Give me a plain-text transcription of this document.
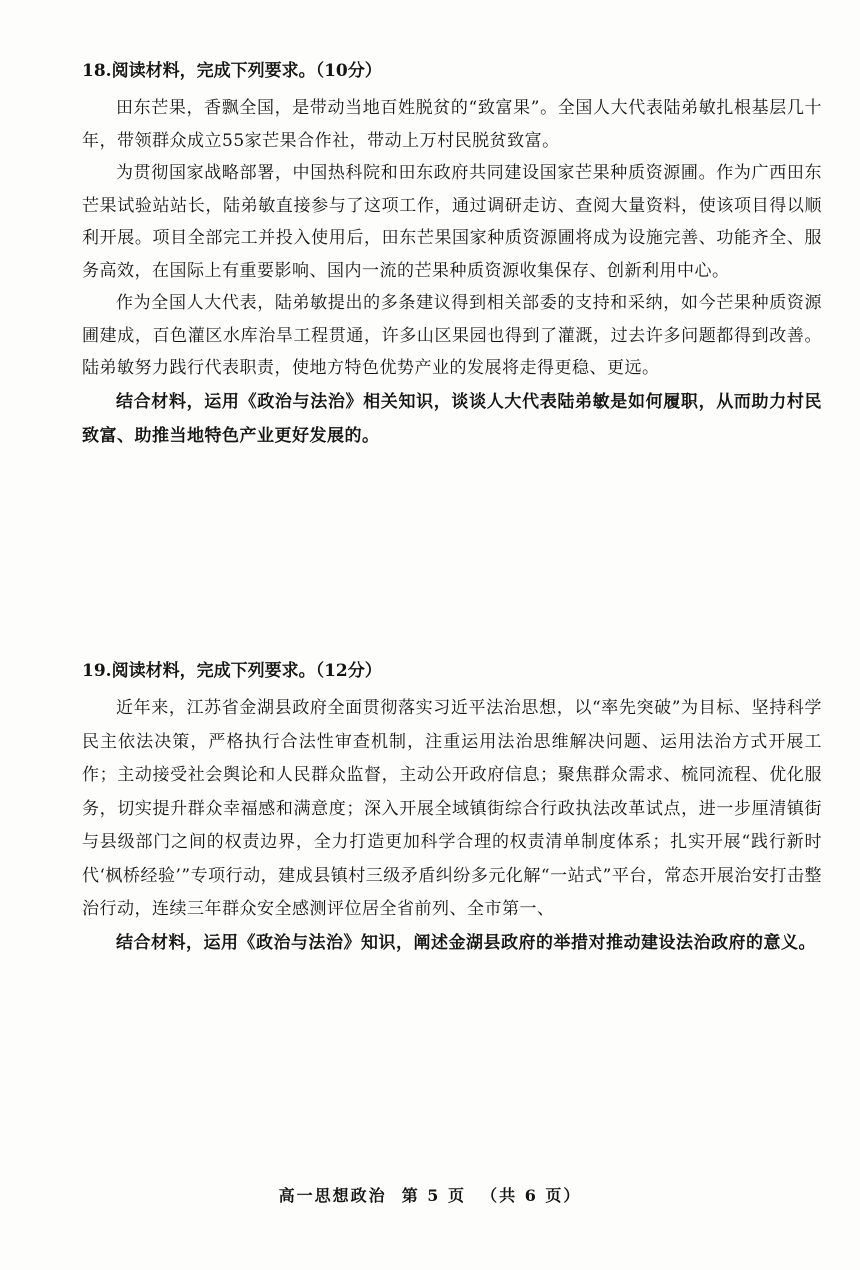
18.阅读材料，完成下列要求。（10分）

田东芒果，香飘全国，是带动当地百姓脱贫的“致富果”。全国人大代表陆弟敏扎根基层几十年，带领群众成立55家芒果合作社，带动上万村民脱贫致富。

为贯彻国家战略部署，中国热科院和田东政府共同建设国家芒果种质资源圃。作为广西田东芒果试验站站长，陆弟敏直接参与了这项工作，通过调研走访、查阅大量资料，使该项目得以顺利开展。项目全部完工并投入使用后，田东芒果国家种质资源圃将成为设施完善、功能齐全、服务高效，在国际上有重要影响、国内一流的芒果种质资源收集保存、创新利用中心。

作为全国人大代表，陆弟敏提出的多条建议得到相关部委的支持和采纳，如今芒果种质资源圃建成，百色灌区水库治旱工程贯通，许多山区果园也得到了灌溉，过去许多问题都得到改善。陆弟敏努力践行代表职责，使地方特色优势产业的发展将走得更稳、更远。

结合材料，运用《政治与法治》相关知识，谈谈人大代表陆弟敏是如何履职，从而助力村民致富、助推当地特色产业更好发展的。

19.阅读材料，完成下列要求。（12分）

近年来，江苏省金湖县政府全面贯彻落实习近平法治思想，以“率先突破”为目标、坚持科学民主依法决策，严格执行合法性审查机制，注重运用法治思维解决问题、运用法治方式开展工作；主动接受社会舆论和人民群众监督，主动公开政府信息；聚焦群众需求、梳同流程、优化服务，切实提升群众幸福感和满意度；深入开展全域镇街综合行政执法改革试点，进一步厘清镇街与县级部门之间的权责边界，全力打造更加科学合理的权责清单制度体系；扎实开展“践行新时代‘枫桥经验’”专项行动，建成县镇村三级矛盾纠纷多元化解“一站式”平台，常态开展治安打击整治行动，连续三年群众安全感测评位居全省前列、全市第一、

结合材料，运用《政治与法治》知识，阐述金湖县政府的举措对推动建设法治政府的意义。

高一思想政治  第 5 页  （共 6 页）
